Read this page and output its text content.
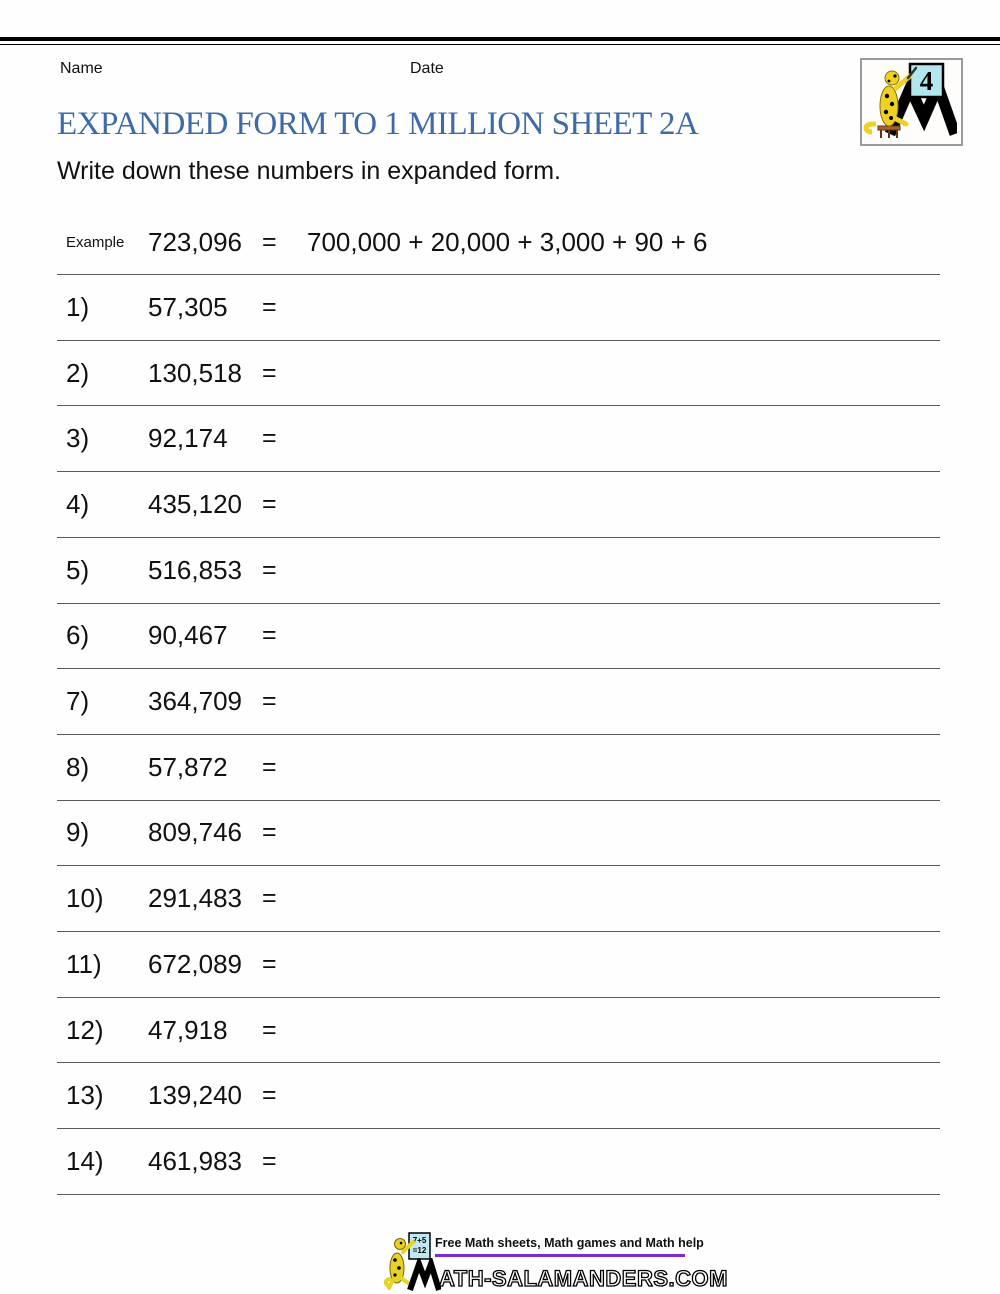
Name	Date	4
EXPANDED FORM TO 1 MILLION SHEET 2A

Write down these numbers in expanded form.

Example 723,096 =	700,000 + 20,000 + 3,000 + 90 + 6
1)	57,305	=
2)	130,518 =
3)	92,174	=
4)	435,120 =
5)	516,853 =
6)	90,467	=
7)	364,709 =
8)	57,872	=
9)	809,746 =
10)	291,483 =
11)	672,089 =
12)	47,918	=
13)	139,240 =
14)	461,983 =
7+5
=12
Free Math sheets, Math games and Math help
ATH-SALAMANDERS.COM
